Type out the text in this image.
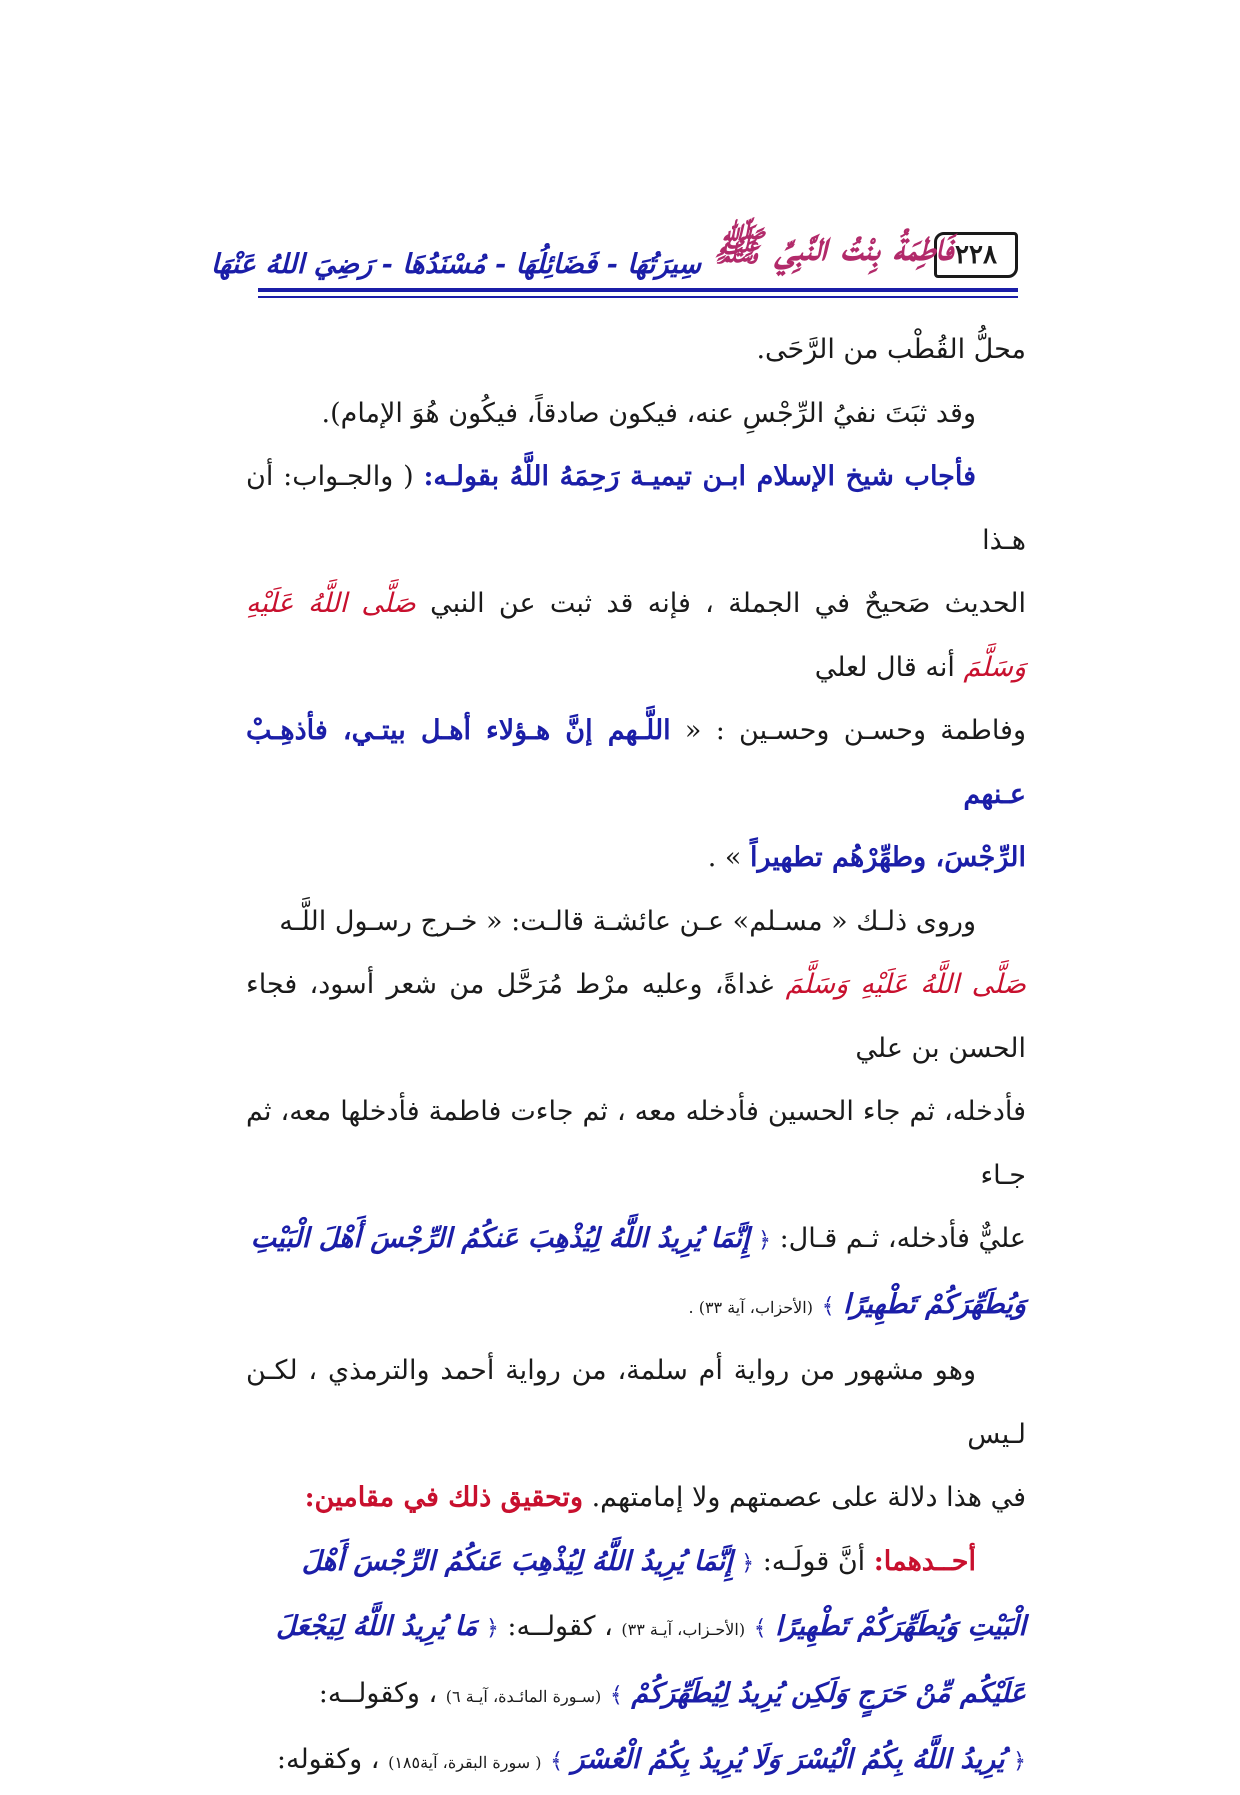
٢٢٨
فَاطِمَةُ بِنْتُ النَّبِيِّ ﷺ
سِيرَتُهَا - فَضَائِلُهَا - مُسْنَدُهَا - رَضِيَ اللهُ عَنْهَا

محلُّ القُطْب من الرَّحَى.

وقد ثبَتَ نفيُ الرِّجْسِ عنه، فيكون صادقاً، فيكُون هُوَ الإمام).

فأجاب شيخ الإسلام ابـن تيميـة رَحِمَهُ اللَّهُ بقولـه: ( والجـواب: أن هـذا
الحديث صَحيحٌ في الجملة ، فإنه قد ثبت عن النبي صَلَّى اللَّهُ عَلَيْهِ وَسَلَّمَ أنه قال لعلي
وفاطمة وحسـن وحسـين : « اللَّـهم إنَّ هـؤلاء أهـل بيتـي، فأذهِـبْ عـنهم
الرِّجْسَ، وطهِّرْهُم تطهيراً » .

وروى ذلـك « مسـلم» عـن عائشـة قالـت: « خـرج رسـول اللَّـه
صَلَّى اللَّهُ عَلَيْهِ وَسَلَّمَ غداةً، وعليه مرْط مُرَحَّل من شعر أسود، فجاء الحسن بن علي
فأدخله، ثم جاء الحسين فأدخله معه ، ثم جاءت فاطمة فأدخلها معه، ثم جـاء
عليٌّ فأدخله، ثـم قـال: ﴿ إِنَّمَا يُرِيدُ اللَّهُ لِيُذْهِبَ عَنكُمُ الرِّجْسَ أَهْلَ الْبَيْتِ
وَيُطَهِّرَكُمْ تَطْهِيرًا ﴾ (الأحزاب، آية ٣٣) .

وهو مشهور من رواية أم سلمة، من رواية أحمد والترمذي ، لكـن لـيس
في هذا دلالة على عصمتهم ولا إمامتهم. وتحقيق ذلك في مقامين:

أحــدهما: أنَّ قولَـه: ﴿ إِنَّمَا يُرِيدُ اللَّهُ لِيُذْهِبَ عَنكُمُ الرِّجْسَ أَهْلَ
الْبَيْتِ وَيُطَهِّرَكُمْ تَطْهِيرًا ﴾ (الأحـزاب، آيـة ٣٣) ، كقولــه: ﴿ مَا يُرِيدُ اللَّهُ لِيَجْعَلَ
عَلَيْكُم مِّنْ حَرَجٍ وَلَكِن يُرِيدُ لِيُطَهِّرَكُمْ ﴾ (سـورة المائـدة، آيـة ٦) ، وكقولــه:
﴿ يُرِيدُ اللَّهُ بِكُمُ الْيُسْرَ وَلَا يُرِيدُ بِكُمُ الْعُسْرَ ﴾ ( سورة البقرة، آية١٨٥) ، وكقوله:
